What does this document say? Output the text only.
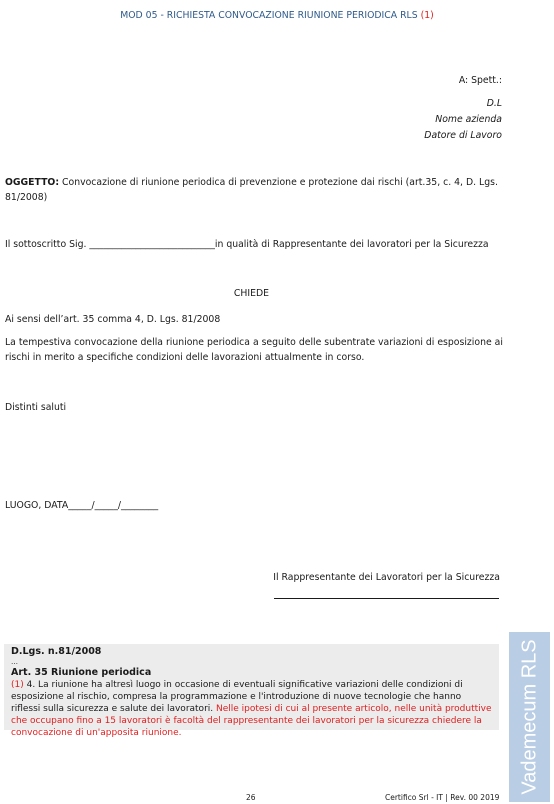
MOD 05 - RICHIESTA CONVOCAZIONE RIUNIONE PERIODICA RLS (1)
A: Spett.:
D.L
Nome azienda
Datore di Lavoro
OGGETTO: Convocazione di riunione periodica di prevenzione e protezione dai rischi (art.35, c. 4, D. Lgs. 81/2008)
Il sottoscritto Sig. ___________________________in qualità di Rappresentante dei lavoratori per la Sicurezza
CHIEDE
Ai sensi dell’art. 35 comma 4, D. Lgs. 81/2008
La tempestiva convocazione della riunione periodica a seguito delle subentrate variazioni di esposizione ai rischi in merito a specifiche condizioni delle lavorazioni attualmente in corso.
Distinti saluti
LUOGO, DATA_____/_____/________
Il Rappresentante dei Lavoratori per la Sicurezza
D.Lgs. n.81/2008
…
Art. 35 Riunione periodica
(1) 4. La riunione ha altresì luogo in occasione di eventuali significative variazioni delle condizioni di esposizione al rischio, compresa la programmazione e l'introduzione di nuove tecnologie che hanno riflessi sulla sicurezza e salute dei lavoratori. Nelle ipotesi di cui al presente articolo, nelle unità produttive che occupano fino a 15 lavoratori è facoltà del rappresentante dei lavoratori per la sicurezza chiedere la convocazione di un'apposita riunione.	Vademecum RLS
26	Certifico Srl - IT | Rev. 00 2019
